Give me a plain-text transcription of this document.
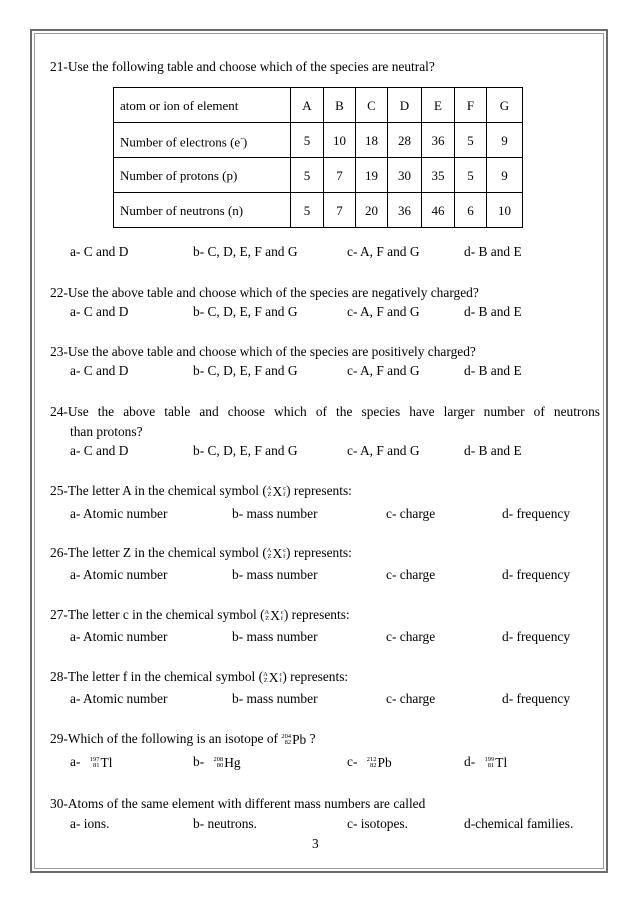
21-Use the following table and choose which of the species are neutral?
atom or ion of element	A	B	C	D	E	F	G
Number of electrons (e-)	5	10	18	28	36	5	9
Number of protons (p)	5	7	19	30	35	5	9
Number of neutrons (n)	5	7	20	36	46	6	10
a- C and D	b- C, D, E, F and G	c- A, F and G	d- B and E
22-Use the above table and choose which of the species are negatively charged?
a- C and D	b- C, D, E, F and G	c- A, F and G	d- B and E
23-Use the above table and choose which of the species are positively charged?
a- C and D	b- C, D, E, F and G	c- A, F and G	d- B and E
24-Use the above table and choose which of the species have larger number of neutrons
than protons?
a- C and D	b- C, D, E, F and G	c- A, F and G	d- B and E
25-The letter A in the chemical symbol (A
ZXc
f) represents:
a- Atomic number	b- mass number	c- charge	d- frequency
26-The letter Z in the chemical symbol (A
ZXc
f) represents:
a- Atomic number	b- mass number	c- charge	d- frequency
27-The letter c in the chemical symbol (A
ZXc
f) represents:
a- Atomic number	b- mass number	c- charge	d- frequency
28-The letter f in the chemical symbol (A
ZXc
f) represents:
a- Atomic number	b- mass number	c- charge	d- frequency
29-Which of the following is an isotope of 204
82Pb ?
a- 197
81Tl	b- 208
80Hg	c- 212
82Pb	d- 199
81Tl
30-Atoms of the same element with different mass numbers are called
a- ions.	b- neutrons.	c- isotopes.	d-chemical families.
3
